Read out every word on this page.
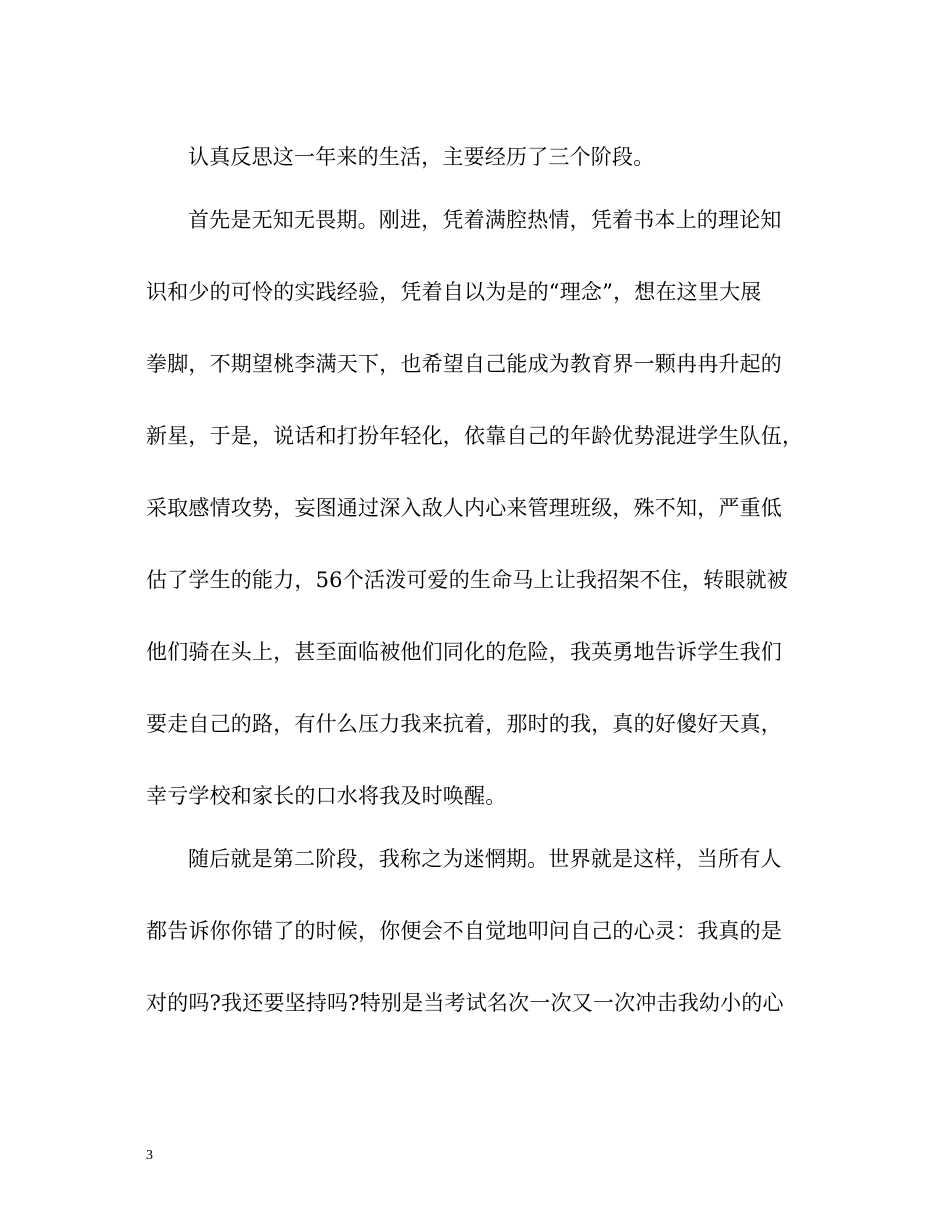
认真反思这一年来的生活，主要经历了三个阶段。
首先是无知无畏期。刚进，凭着满腔热情，凭着书本上的理论知
识和少的可怜的实践经验，凭着自以为是的“理念”，想在这里大展
拳脚，不期望桃李满天下，也希望自己能成为教育界一颗冉冉升起的
新星，于是，说话和打扮年轻化，依靠自己的年龄优势混进学生队伍，
采取感情攻势，妄图通过深入敌人内心来管理班级，殊不知，严重低
估了学生的能力，56个活泼可爱的生命马上让我招架不住，转眼就被
他们骑在头上，甚至面临被他们同化的危险，我英勇地告诉学生我们
要走自己的路，有什么压力我来抗着，那时的我，真的好傻好天真，
幸亏学校和家长的口水将我及时唤醒。
随后就是第二阶段，我称之为迷惘期。世界就是这样，当所有人
都告诉你你错了的时候，你便会不自觉地叩问自己的心灵：我真的是
对的吗?我还要坚持吗?特别是当考试名次一次又一次冲击我幼小的心
3
